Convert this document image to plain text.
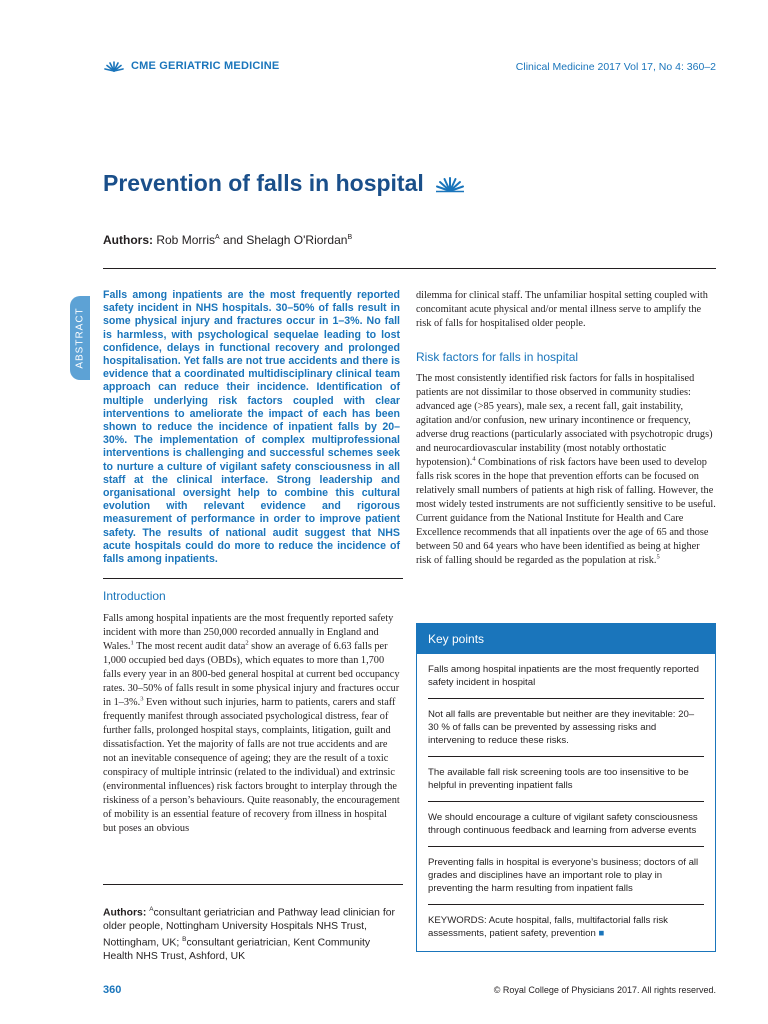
CME GERIATRIC MEDICINE	Clinical Medicine 2017 Vol 17, No 4: 360–2
Prevention of falls in hospital
Authors: Rob Morris$^A$ and Shelagh O'Riordan$^B$
ABSTRACT

Falls among inpatients are the most frequently reported safety incident in NHS hospitals. 30–50% of falls result in some physical injury and fractures occur in 1–3%. No fall is harmless, with psychological sequelae leading to lost confidence, delays in functional recovery and prolonged hospitalisation. Yet falls are not true accidents and there is evidence that a coordinated multidisciplinary clinical team approach can reduce their incidence. Identification of multiple underlying risk factors coupled with clear interventions to ameliorate the impact of each has been shown to reduce the incidence of inpatient falls by 20–30%. The implementation of complex multiprofessional interventions is challenging and successful schemes seek to nurture a culture of vigilant safety consciousness in all staff at the clinical interface. Strong leadership and organisational oversight help to combine this cultural evolution with relevant evidence and rigorous measurement of performance in order to improve patient safety. The results of national audit suggest that NHS acute hospitals could do more to reduce the incidence of falls among inpatients.

Introduction

Falls among hospital inpatients are the most frequently reported safety incident with more than 250,000 recorded annually in England and Wales.$^1$ The most recent audit data$^2$ show an average of 6.63 falls per 1,000 occupied bed days (OBDs), which equates to more than 1,700 falls every year in an 800-bed general hospital at current bed occupancy rates. 30–50% of falls result in some physical injury and fractures occur in 1–3%.$^3$ Even without such injuries, harm to patients, carers and staff frequently manifest through associated psychological distress, fear of further falls, prolonged hospital stays, complaints, litigation, guilt and dissatisfaction. Yet the majority of falls are not true accidents and are not an inevitable consequence of ageing; they are the result of a toxic conspiracy of multiple intrinsic (related to the individual) and extrinsic (environmental influences) risk factors brought to interplay through the riskiness of a person’s behaviours. Quite reasonably, the encouragement of mobility is an essential feature of recovery from illness in hospital but poses an obvious

Authors: $^A$consultant geriatrician and Pathway lead clinician for older people, Nottingham University Hospitals NHS Trust, Nottingham, UK; $^B$consultant geriatrician, Kent Community Health NHS Trust, Ashford, UK

dilemma for clinical staff. The unfamiliar hospital setting coupled with concomitant acute physical and/or mental illness serve to amplify the risk of falls for hospitalised older people.

Risk factors for falls in hospital

The most consistently identified risk factors for falls in hospitalised patients are not dissimilar to those observed in community studies: advanced age (>85 years), male sex, a recent fall, gait instability, agitation and/or confusion, new urinary incontinence or frequency, adverse drug reactions (particularly associated with psychotropic drugs) and neurocardiovascular instability (most notably orthostatic hypotension).$^4$ Combinations of risk factors have been used to develop falls risk scores in the hope that prevention efforts can be focused on relatively small numbers of patients at high risk of falling. However, the most widely tested instruments are not sufficiently sensitive to be useful. Current guidance from the National Institute for Health and Care Excellence recommends that all inpatients over the age of 65 and those between 50 and 64 years who have been identified as being at higher risk of falling should be regarded as the population at risk.$^5$

Key points

Falls among hospital inpatients are the most frequently reported safety incident in hospital

Not all falls are preventable but neither are they inevitable: 20–30 % of falls can be prevented by assessing risks and intervening to reduce these risks.

The available fall risk screening tools are too insensitive to be helpful in preventing inpatient falls

We should encourage a culture of vigilant safety consciousness through continuous feedback and learning from adverse events

Preventing falls in hospital is everyone’s business; doctors of all grades and disciplines have an important role to play in preventing the harm resulting from inpatient falls

KEYWORDS: Acute hospital, falls, multifactorial falls risk assessments, patient safety, prevention ■

360	© Royal College of Physicians 2017. All rights reserved.
